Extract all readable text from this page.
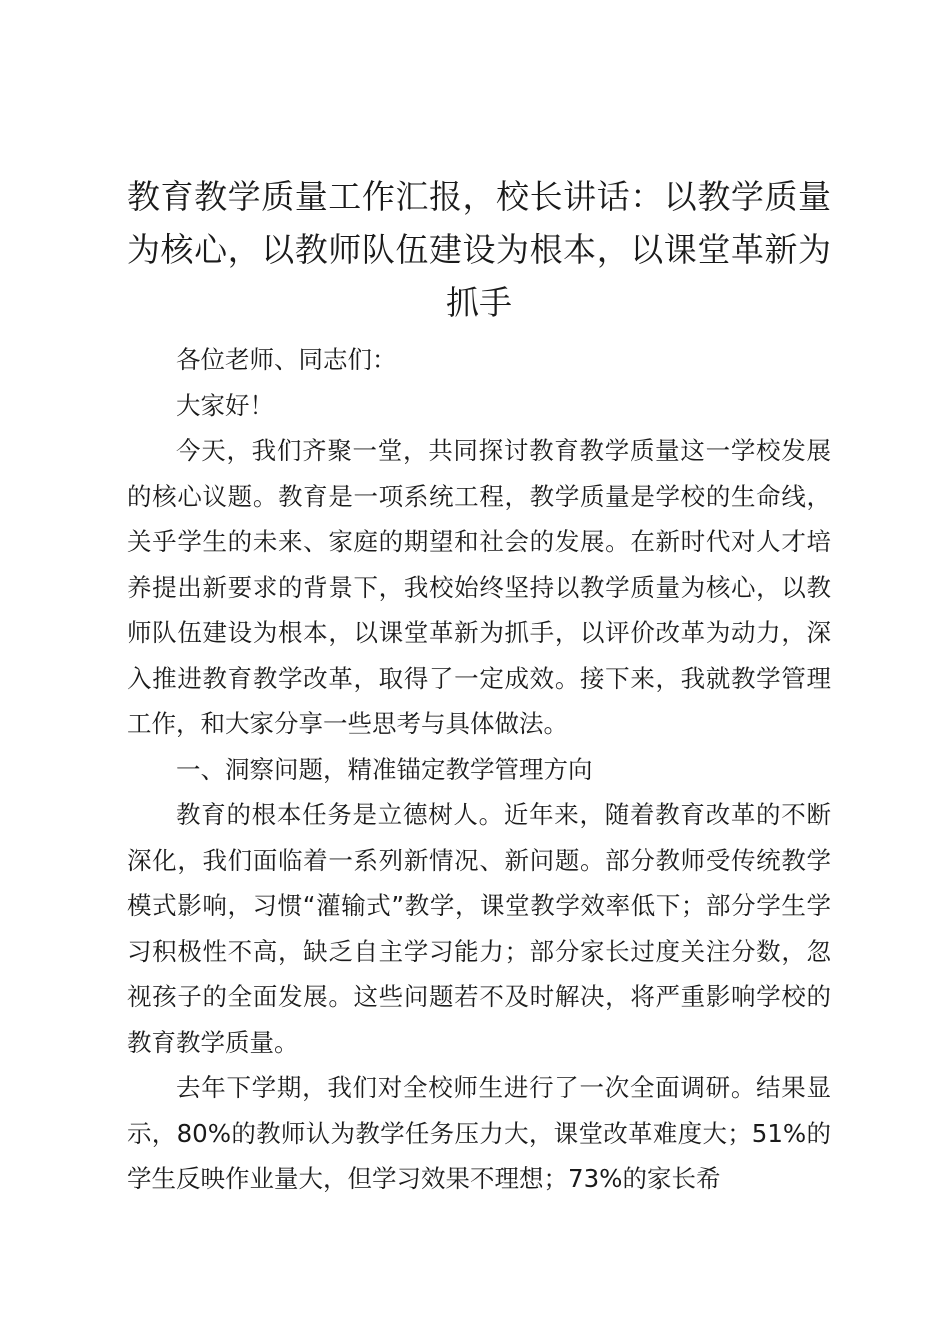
教育教学质量工作汇报，校长讲话：以教学质量为核心，以教师队伍建设为根本，以课堂革新为抓手

各位老师、同志们：

大家好！

今天，我们齐聚一堂，共同探讨教育教学质量这一学校发展的核心议题。教育是一项系统工程，教学质量是学校的生命线，关乎学生的未来、家庭的期望和社会的发展。在新时代对人才培养提出新要求的背景下，我校始终坚持以教学质量为核心，以教师队伍建设为根本，以课堂革新为抓手，以评价改革为动力，深入推进教育教学改革，取得了一定成效。接下来，我就教学管理工作，和大家分享一些思考与具体做法。

一、洞察问题，精准锚定教学管理方向

教育的根本任务是立德树人。近年来，随着教育改革的不断深化，我们面临着一系列新情况、新问题。部分教师受传统教学模式影响，习惯“灌输式”教学，课堂教学效率低下；部分学生学习积极性不高，缺乏自主学习能力；部分家长过度关注分数，忽视孩子的全面发展。这些问题若不及时解决，将严重影响学校的教育教学质量。

去年下学期，我们对全校师生进行了一次全面调研。结果显示，80%的教师认为教学任务压力大，课堂改革难度大；51%的学生反映作业量大，但学习效果不理想；73%的家长希
